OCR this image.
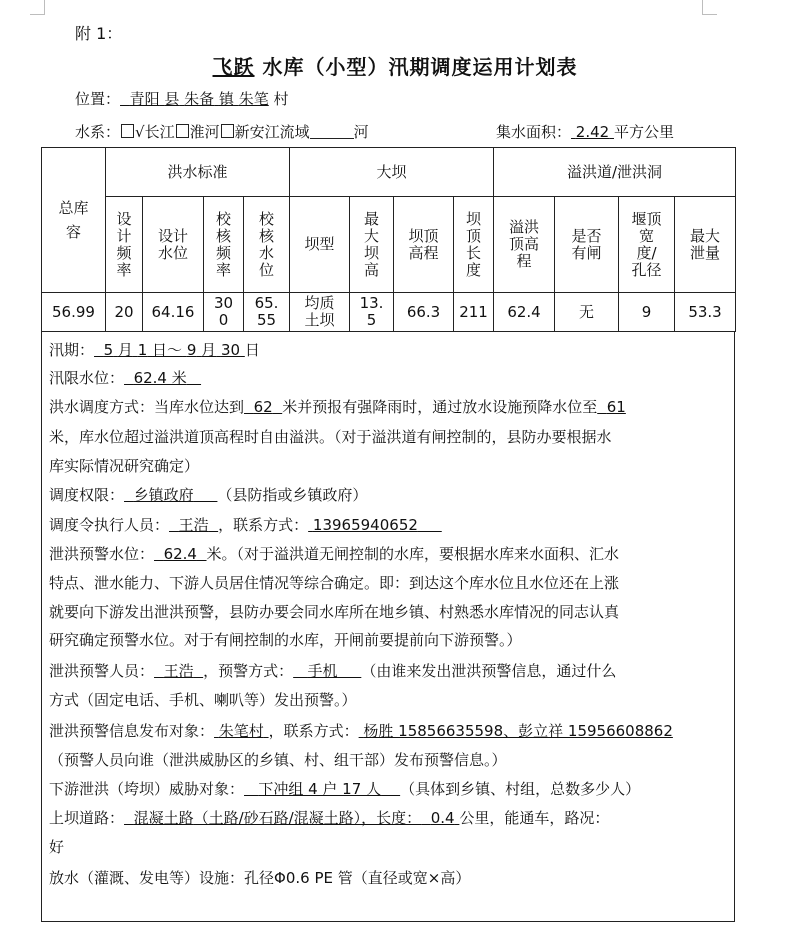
附 1：
飞跃 水库（小型）汛期调度运用计划表
位置： 青阳 县 朱备 镇 朱笔 村
水系： √长江 淮河 新安江流域	河	集水面积： 2.42 平方公里
总库容	洪水标准				大坝				溢洪道/泄洪洞			

	设计频率	设计水位	校核频率	校核水位	坝型	最大坝高	坝顶高程	坝顶长度	溢洪顶高程	是否有闸	堰顶宽度/孔径	最大泄量

56.99	20	64.16	300	65.55	均质土坝	13.5	66.3	211	62.4	无	9	53.3
汛期： 5 月 1 日～ 9 月 30 日
汛限水位： 62.4 米
洪水调度方式：当库水位达到 62 米并预报有强降雨时，通过放水设施预降水位至 61
米，库水位超过溢洪道顶高程时自由溢洪。（对于溢洪道有闸控制的，县防办要根据水
库实际情况研究确定）
调度权限： 乡镇政府 （县防指或乡镇政府）
调度令执行人员： 王浩 ，联系方式： 13965940652
泄洪预警水位： 62.4 米。（对于溢洪道无闸控制的水库，要根据水库来水面积、汇水
特点、泄水能力、下游人员居住情况等综合确定。即：到达这个库水位且水位还在上涨
就要向下游发出泄洪预警，县防办要会同水库所在地乡镇、村熟悉水库情况的同志认真
研究确定预警水位。对于有闸控制的水库，开闸前要提前向下游预警。）
泄洪预警人员： 王浩 ，预警方式： 手机 （由谁来发出泄洪预警信息，通过什么
方式（固定电话、手机、喇叭等）发出预警。）
泄洪预警信息发布对象： 朱笔村 ，联系方式： 杨胜 15856635598、彭立祥 15956608862
（预警人员向谁（泄洪威胁区的乡镇、村、组干部）发布预警信息。）
下游泄洪（垮坝）威胁对象： 下冲组 4 户 17 人 （具体到乡镇、村组，总数多少人）
上坝道路： 混凝土路（土路/砂石路/混凝土路），长度： 0.4 公里，能通车，路况：
好
放水（灌溉、发电等）设施：孔径Φ0.6 PE 管（直径或宽×高）
